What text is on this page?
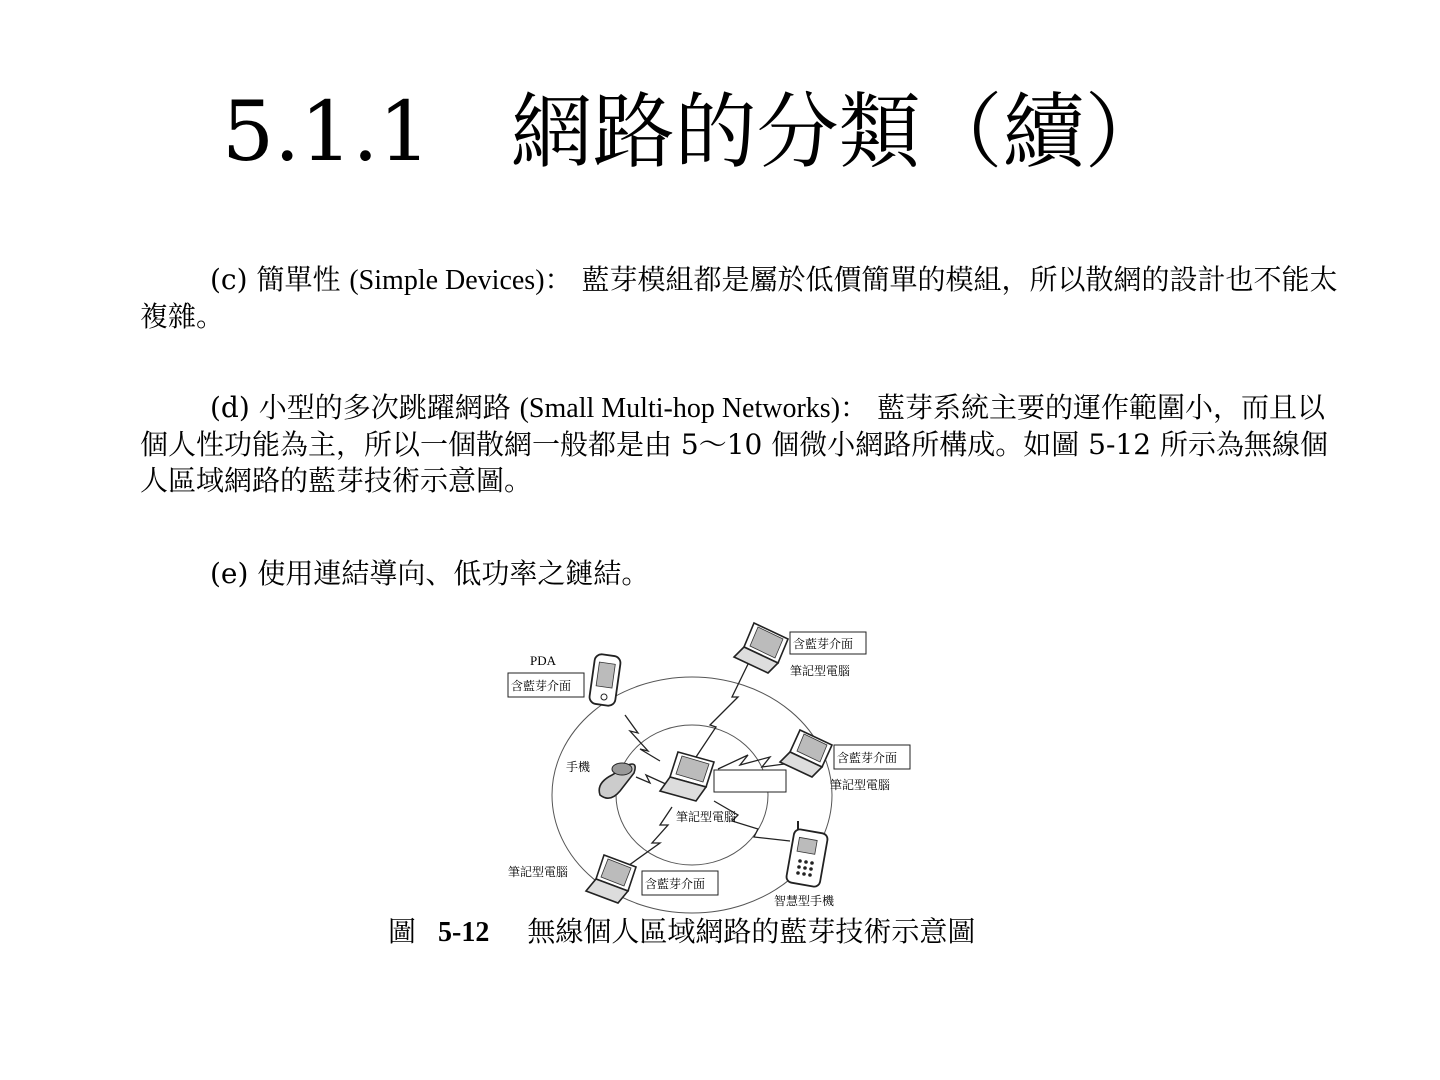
5.1.1 網路的分類（續）
(c) 簡單性 (Simple Devices)： 藍芽模組都是屬於低價簡單的模組，所以散網的設計也不能太複雜。
(d) 小型的多次跳躍網路 (Small Multi-hop Networks)： 藍芽系統主要的運作範圍小，而且以個人性功能為主，所以一個散網一般都是由 5～10 個微小網路所構成。如圖 5-12 所示為無線個人區域網路的藍芽技術示意圖。
(e) 使用連結導向、低功率之鏈結。
PDA
含藍芽介面
含藍芽介面
筆記型電腦
手機
含藍芽介面
筆記型電腦
筆記型電腦
筆記型電腦
含藍芽介面
智慧型手機
圖 5-12 無線個人區域網路的藍芽技術示意圖
